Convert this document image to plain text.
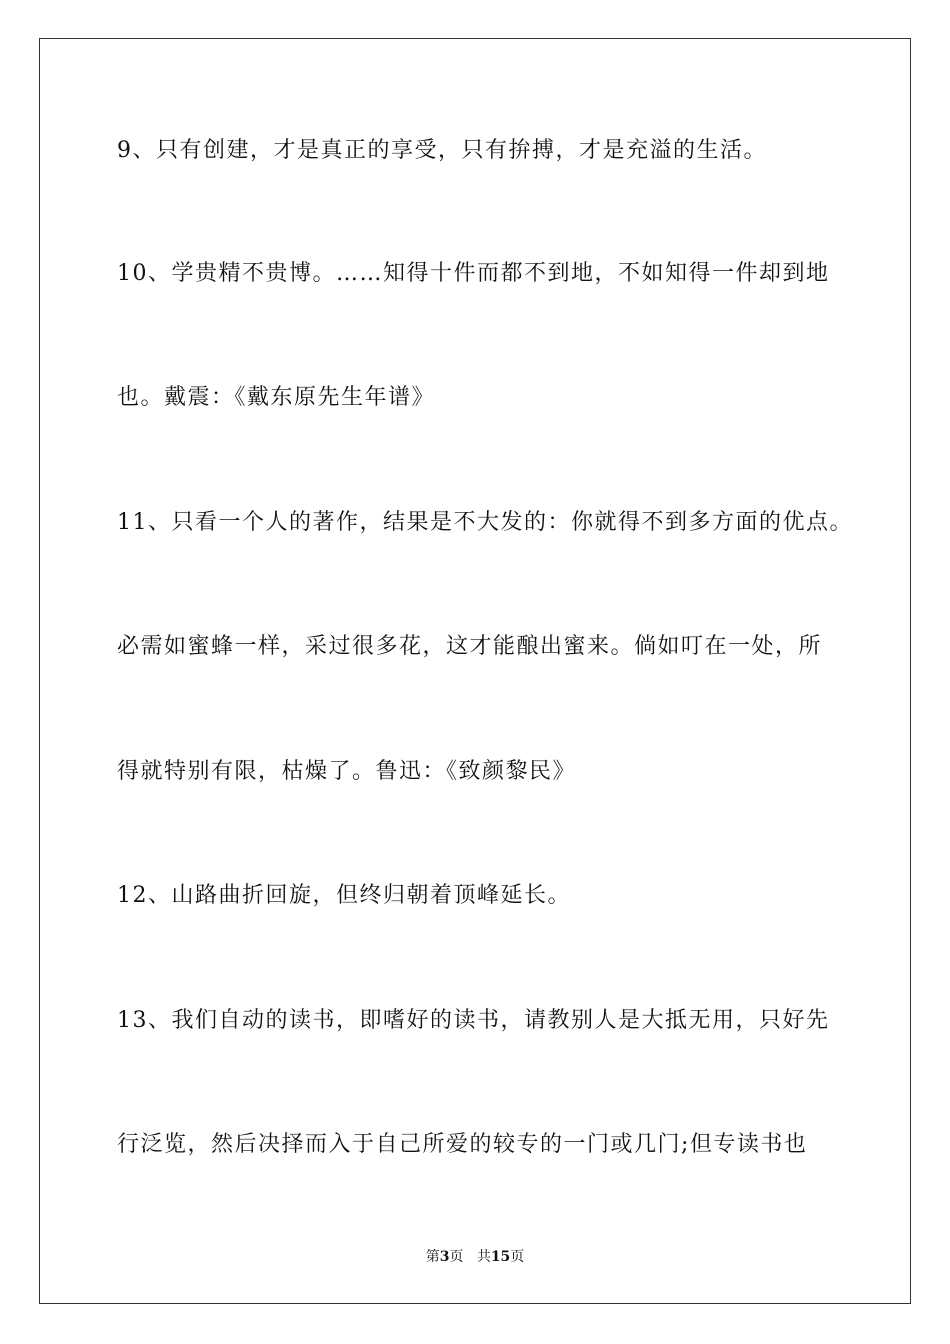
9、只有创建，才是真正的享受，只有拚搏，才是充溢的生活。
10、学贵精不贵博。……知得十件而都不到地，不如知得一件却到地
也。戴震：《戴东原先生年谱》
11、只看一个人的著作，结果是不大发的：你就得不到多方面的优点。
必需如蜜蜂一样，采过很多花，这才能酿出蜜来。倘如叮在一处，所
得就特别有限，枯燥了。鲁迅：《致颜黎民》
12、山路曲折回旋，但终归朝着顶峰延长。
13、我们自动的读书，即嗜好的读书，请教别人是大抵无用，只好先
行泛览，然后决择而入于自己所爱的较专的一门或几门;但专读书也
第3页 共15页
